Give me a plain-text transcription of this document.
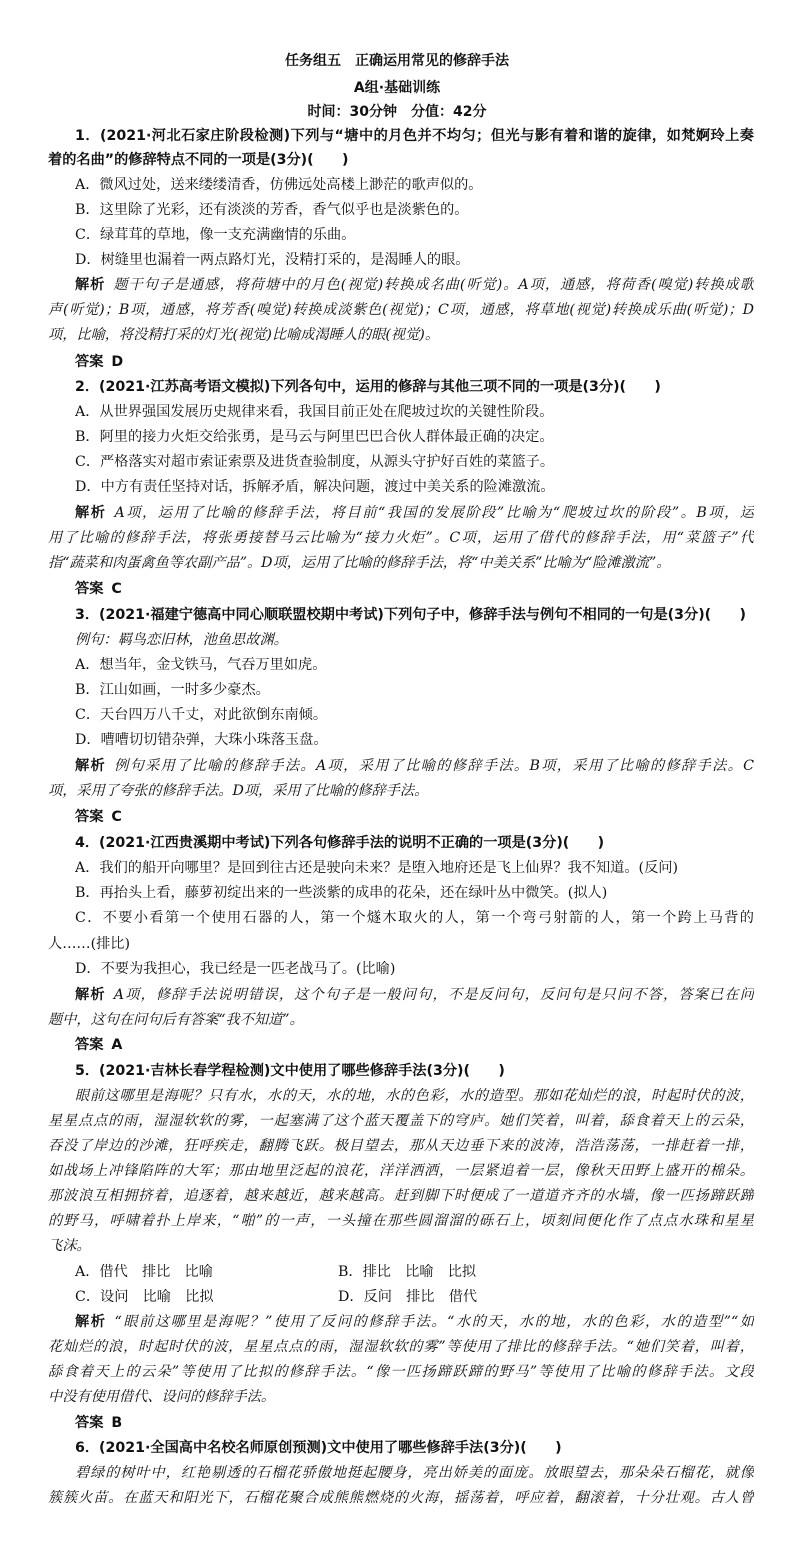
任务组五　正确运用常见的修辞手法
A组·基础训练
时间：30分钟　分值：42分
1．(2021·河北石家庄阶段检测)下列与“塘中的月色并不均匀；但光与影有着和谐的旋律，如梵婀玲上奏
着的名曲”的修辞特点不同的一项是(3分)(　　)
A．微风过处，送来缕缕清香，仿佛远处高楼上渺茫的歌声似的。
B．这里除了光彩，还有淡淡的芳香，香气似乎也是淡紫色的。
C．绿茸茸的草地，像一支充满幽情的乐曲。
D．树缝里也漏着一两点路灯光，没精打采的，是渴睡人的眼。
解析 题干句子是通感，将荷塘中的月色(视觉)转换成名曲(听觉)。A项，通感，将荷香(嗅觉)转换成歌
声(听觉)；B项，通感，将芳香(嗅觉)转换成淡紫色(视觉)；C项，通感，将草地(视觉)转换成乐曲(听觉)；D
项，比喻，将没精打采的灯光(视觉)比喻成渴睡人的眼(视觉)。
答案 D
2．(2021·江苏高考语文模拟)下列各句中，运用的修辞与其他三项不同的一项是(3分)(　　)
A．从世界强国发展历史规律来看，我国目前正处在爬坡过坎的关键性阶段。
B．阿里的接力火炬交给张勇，是马云与阿里巴巴合伙人群体最正确的决定。
C．严格落实对超市索证索票及进货查验制度，从源头守护好百姓的菜篮子。
D．中方有责任坚持对话，拆解矛盾，解决问题，渡过中美关系的险滩激流。
解析 A项，运用了比喻的修辞手法，将目前“我国的发展阶段”比喻为“爬坡过坎的阶段”。B项，运
用了比喻的修辞手法，将张勇接替马云比喻为“接力火炬”。C项，运用了借代的修辞手法，用“菜篮子”代
指“蔬菜和肉蛋禽鱼等农副产品”。D项，运用了比喻的修辞手法，将“中美关系”比喻为“险滩激流”。
答案 C
3．(2021·福建宁德高中同心顺联盟校期中考试)下列句子中，修辞手法与例句不相同的一句是(3分)(　　)
例句：羁鸟恋旧林，池鱼思故渊。
A．想当年，金戈铁马，气吞万里如虎。
B．江山如画，一时多少豪杰。
C．天台四万八千丈，对此欲倒东南倾。
D．嘈嘈切切错杂弹，大珠小珠落玉盘。
解析 例句采用了比喻的修辞手法。A项，采用了比喻的修辞手法。B项，采用了比喻的修辞手法。C
项，采用了夸张的修辞手法。D项，采用了比喻的修辞手法。
答案 C
4．(2021·江西贵溪期中考试)下列各句修辞手法的说明不正确的一项是(3分)(　　)
A．我们的船开向哪里？是回到往古还是驶向未来？是堕入地府还是飞上仙界？我不知道。(反问)
B．再抬头上看，藤萝初绽出来的一些淡紫的成串的花朵，还在绿叶丛中微笑。(拟人)
C．不要小看第一个使用石器的人，第一个燧木取火的人，第一个弯弓射箭的人，第一个跨上马背的
人……(排比)
D．不要为我担心，我已经是一匹老战马了。(比喻)
解析 A项，修辞手法说明错误，这个句子是一般问句，不是反问句，反问句是只问不答，答案已在问
题中，这句在问句后有答案“我不知道”。
答案 A
5．(2021·吉林长春学程检测)文中使用了哪些修辞手法(3分)(　　)
眼前这哪里是海呢？只有水，水的天，水的地，水的色彩，水的造型。那如花灿烂的浪，时起时伏的波，
星星点点的雨，湿湿软软的雾，一起塞满了这个蓝天覆盖下的穹庐。她们笑着，叫着，舔食着天上的云朵，
吞没了岸边的沙滩，狂呼疾走，翻腾飞跃。极目望去，那从天边垂下来的波涛，浩浩荡荡，一排赶着一排，
如战场上冲锋陷阵的大军；那由地里泛起的浪花，洋洋洒洒，一层紧追着一层，像秋天田野上盛开的棉朵。
那波浪互相拥挤着，追逐着，越来越近，越来越高。赶到脚下时便成了一道道齐齐的水墙，像一匹扬蹄跃蹄
的野马，呼啸着扑上岸来，“啪”的一声，一头撞在那些圆溜溜的砾石上，顷刻间便化作了点点水珠和星星
飞沫。
A．借代　排比　比喻	B．排比　比喻　比拟
C．设问　比喻　比拟	D．反问　排比　借代
解析 “眼前这哪里是海呢？”使用了反问的修辞手法。“水的天，水的地，水的色彩，水的造型”“如
花灿烂的浪，时起时伏的波，星星点点的雨，湿湿软软的雾”等使用了排比的修辞手法。“她们笑着，叫着，
舔食着天上的云朵”等使用了比拟的修辞手法。“像一匹扬蹄跃蹄的野马”等使用了比喻的修辞手法。文段
中没有使用借代、设问的修辞手法。
答案 B
6．(2021·全国高中名校名师原创预测)文中使用了哪些修辞手法(3分)(　　)
碧绿的树叶中，红艳剔透的石榴花骄傲地挺起腰身，亮出娇美的面庞。放眼望去，那朵朵石榴花，就像
簇簇火苗。在蓝天和阳光下，石榴花聚合成熊熊燃烧的火海，摇荡着，呼应着，翻滚着，十分壮观。古人曾
